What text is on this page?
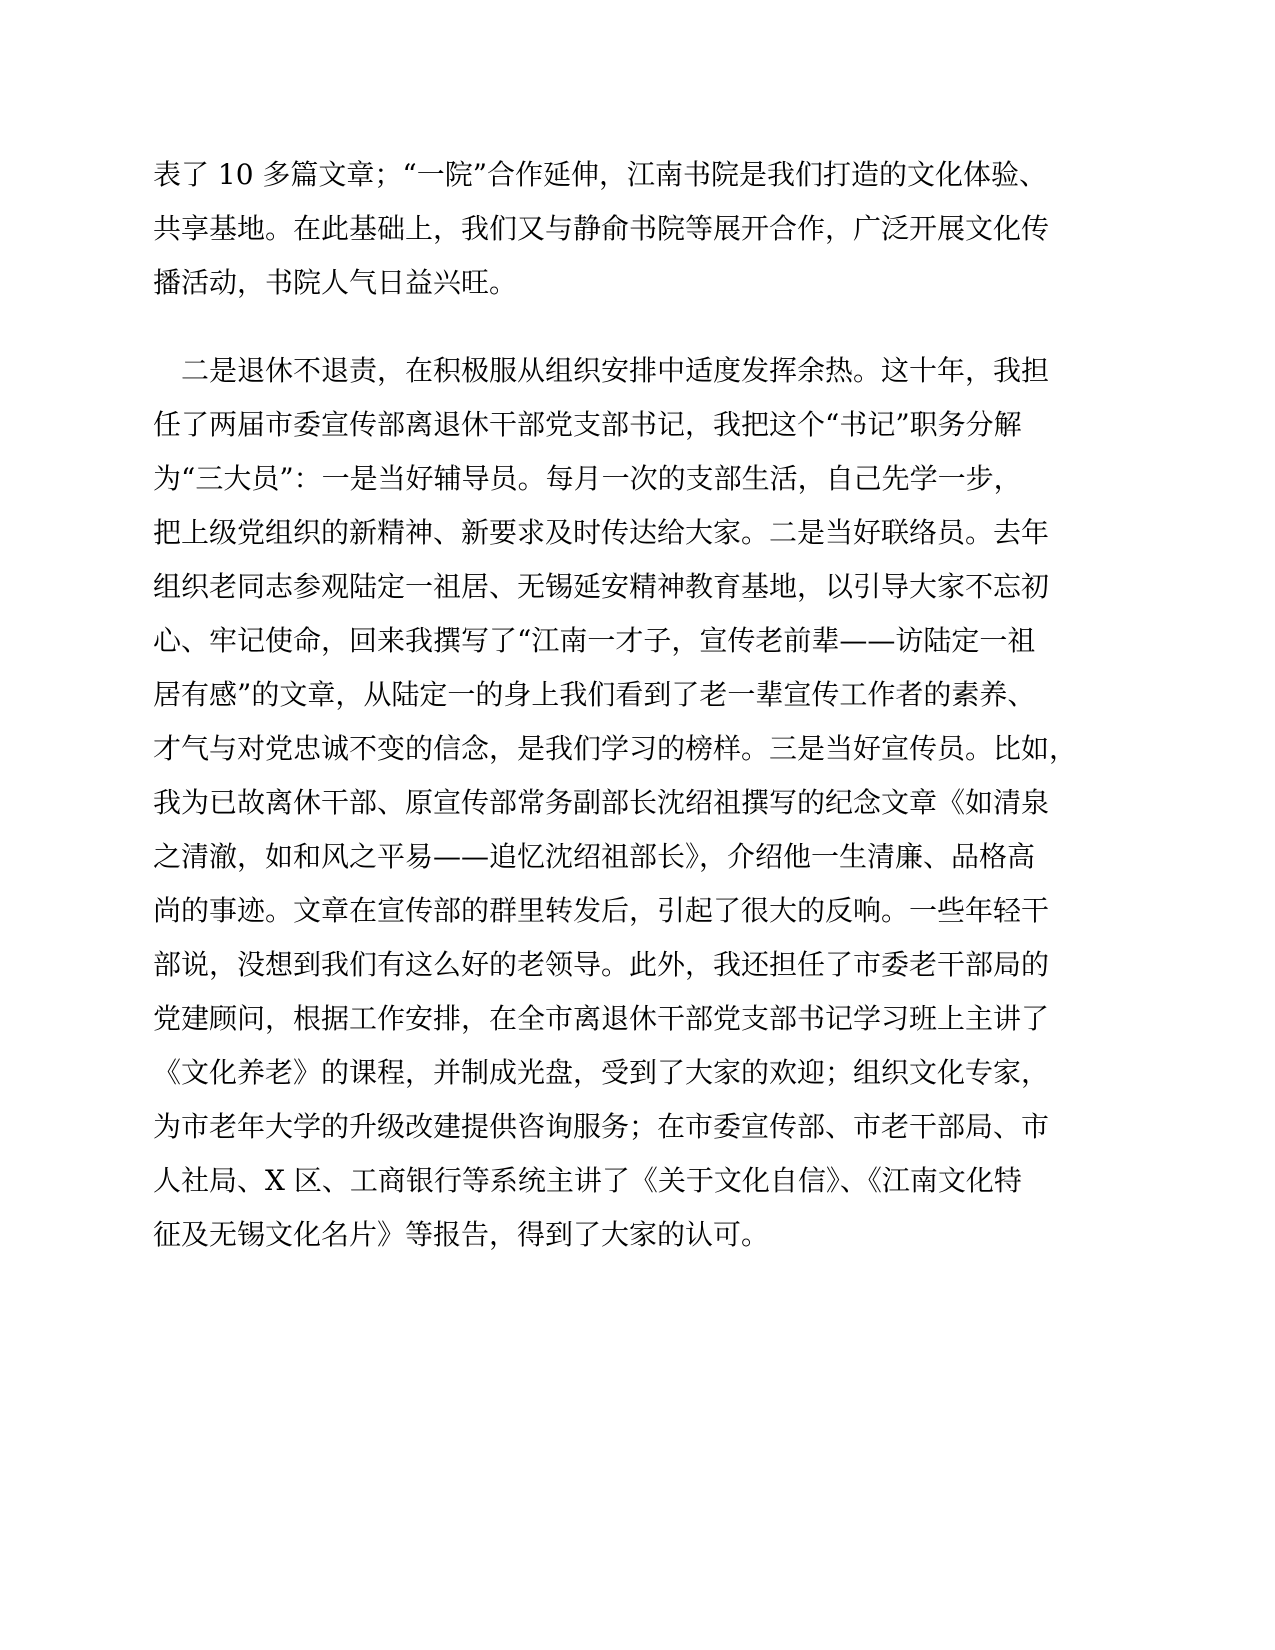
表了 10 多篇文章；“一院”合作延伸，江南书院是我们打造的文化体验、
共享基地。在此基础上，我们又与静俞书院等展开合作，广泛开展文化传
播活动，书院人气日益兴旺。

　二是退休不退责，在积极服从组织安排中适度发挥余热。这十年，我担
任了两届市委宣传部离退休干部党支部书记，我把这个“书记”职务分解
为“三大员”：一是当好辅导员。每月一次的支部生活，自己先学一步，
把上级党组织的新精神、新要求及时传达给大家。二是当好联络员。去年
组织老同志参观陆定一祖居、无锡延安精神教育基地，以引导大家不忘初
心、牢记使命，回来我撰写了“江南一才子，宣传老前辈——访陆定一祖
居有感”的文章，从陆定一的身上我们看到了老一辈宣传工作者的素养、
才气与对党忠诚不变的信念，是我们学习的榜样。三是当好宣传员。比如，
我为已故离休干部、原宣传部常务副部长沈绍祖撰写的纪念文章《如清泉
之清澈，如和风之平易——追忆沈绍祖部长》，介绍他一生清廉、品格高
尚的事迹。文章在宣传部的群里转发后，引起了很大的反响。一些年轻干
部说，没想到我们有这么好的老领导。此外，我还担任了市委老干部局的
党建顾问，根据工作安排，在全市离退休干部党支部书记学习班上主讲了
《文化养老》的课程，并制成光盘，受到了大家的欢迎；组织文化专家，
为市老年大学的升级改建提供咨询服务；在市委宣传部、市老干部局、市
人社局、X 区、工商银行等系统主讲了《关于文化自信》、《江南文化特
征及无锡文化名片》等报告，得到了大家的认可。
